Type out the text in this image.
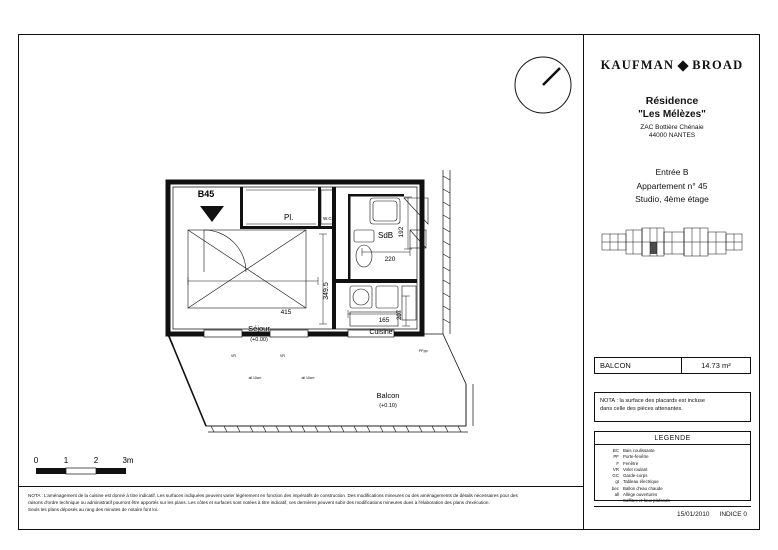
B45
Pl.	W.C.
SdB
Séjour
(+0.00)
Cuisine
Balcon
(+0.10)
415
349.5
192
220
165
207
VR
all 10cm
VR
all 10cm
PFpp
0	1	2	3m
NOTA : L'aménagement de la cuisine est donné à titre indicatif. Les surfaces indiquées peuvent varier légèrement en fonction des impératifs de construction. Des modifications mineures ou des aménagements de détails nécessaires pour des
raisons d'ordre technique ou administratif pourront être apportés sur les plans. Les côtes et surfaces sont notées à titre indicatif, ces dernières peuvent subir des modifications mineures dues à l'élaboration des plans d'exécution.
Seuls les plans déposés au rang des minutes de notaire font loi.
KAUFMAN BROAD
Résidence
"Les Mélèzes"
ZAC Bottière Chénaie
44000 NANTES
Entrée B
Appartement n° 45
Studio, 4ème étage
BALCON	14.73 m²
NOTA : la surface des placards est incluse
dans celle des pièces attenantes.
LEGENDE
BC Bais coulissante
PF Porte-fenêtre
F Fenêtre
VR Volet roulant
GC Garde-corps
gt Tableau électrique
bec Ballon d'eau chaude
all Allège ouvertures
Soffites et faux plafonds
15/01/2010 INDICE 0
